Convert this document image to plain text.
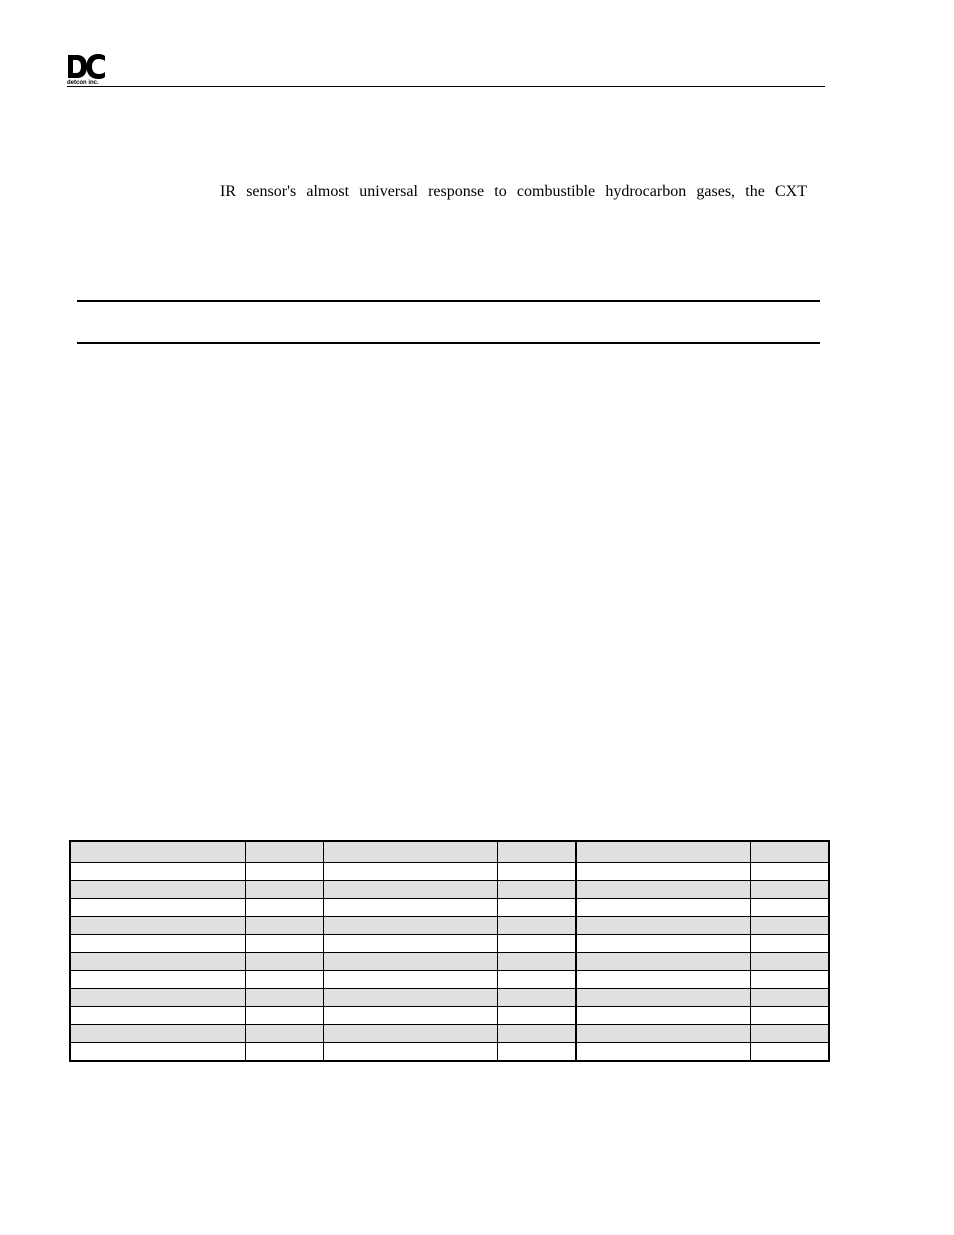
detcon inc.
IR sensor's almost universal response to combustible hydrocarbon gases, the CXT
